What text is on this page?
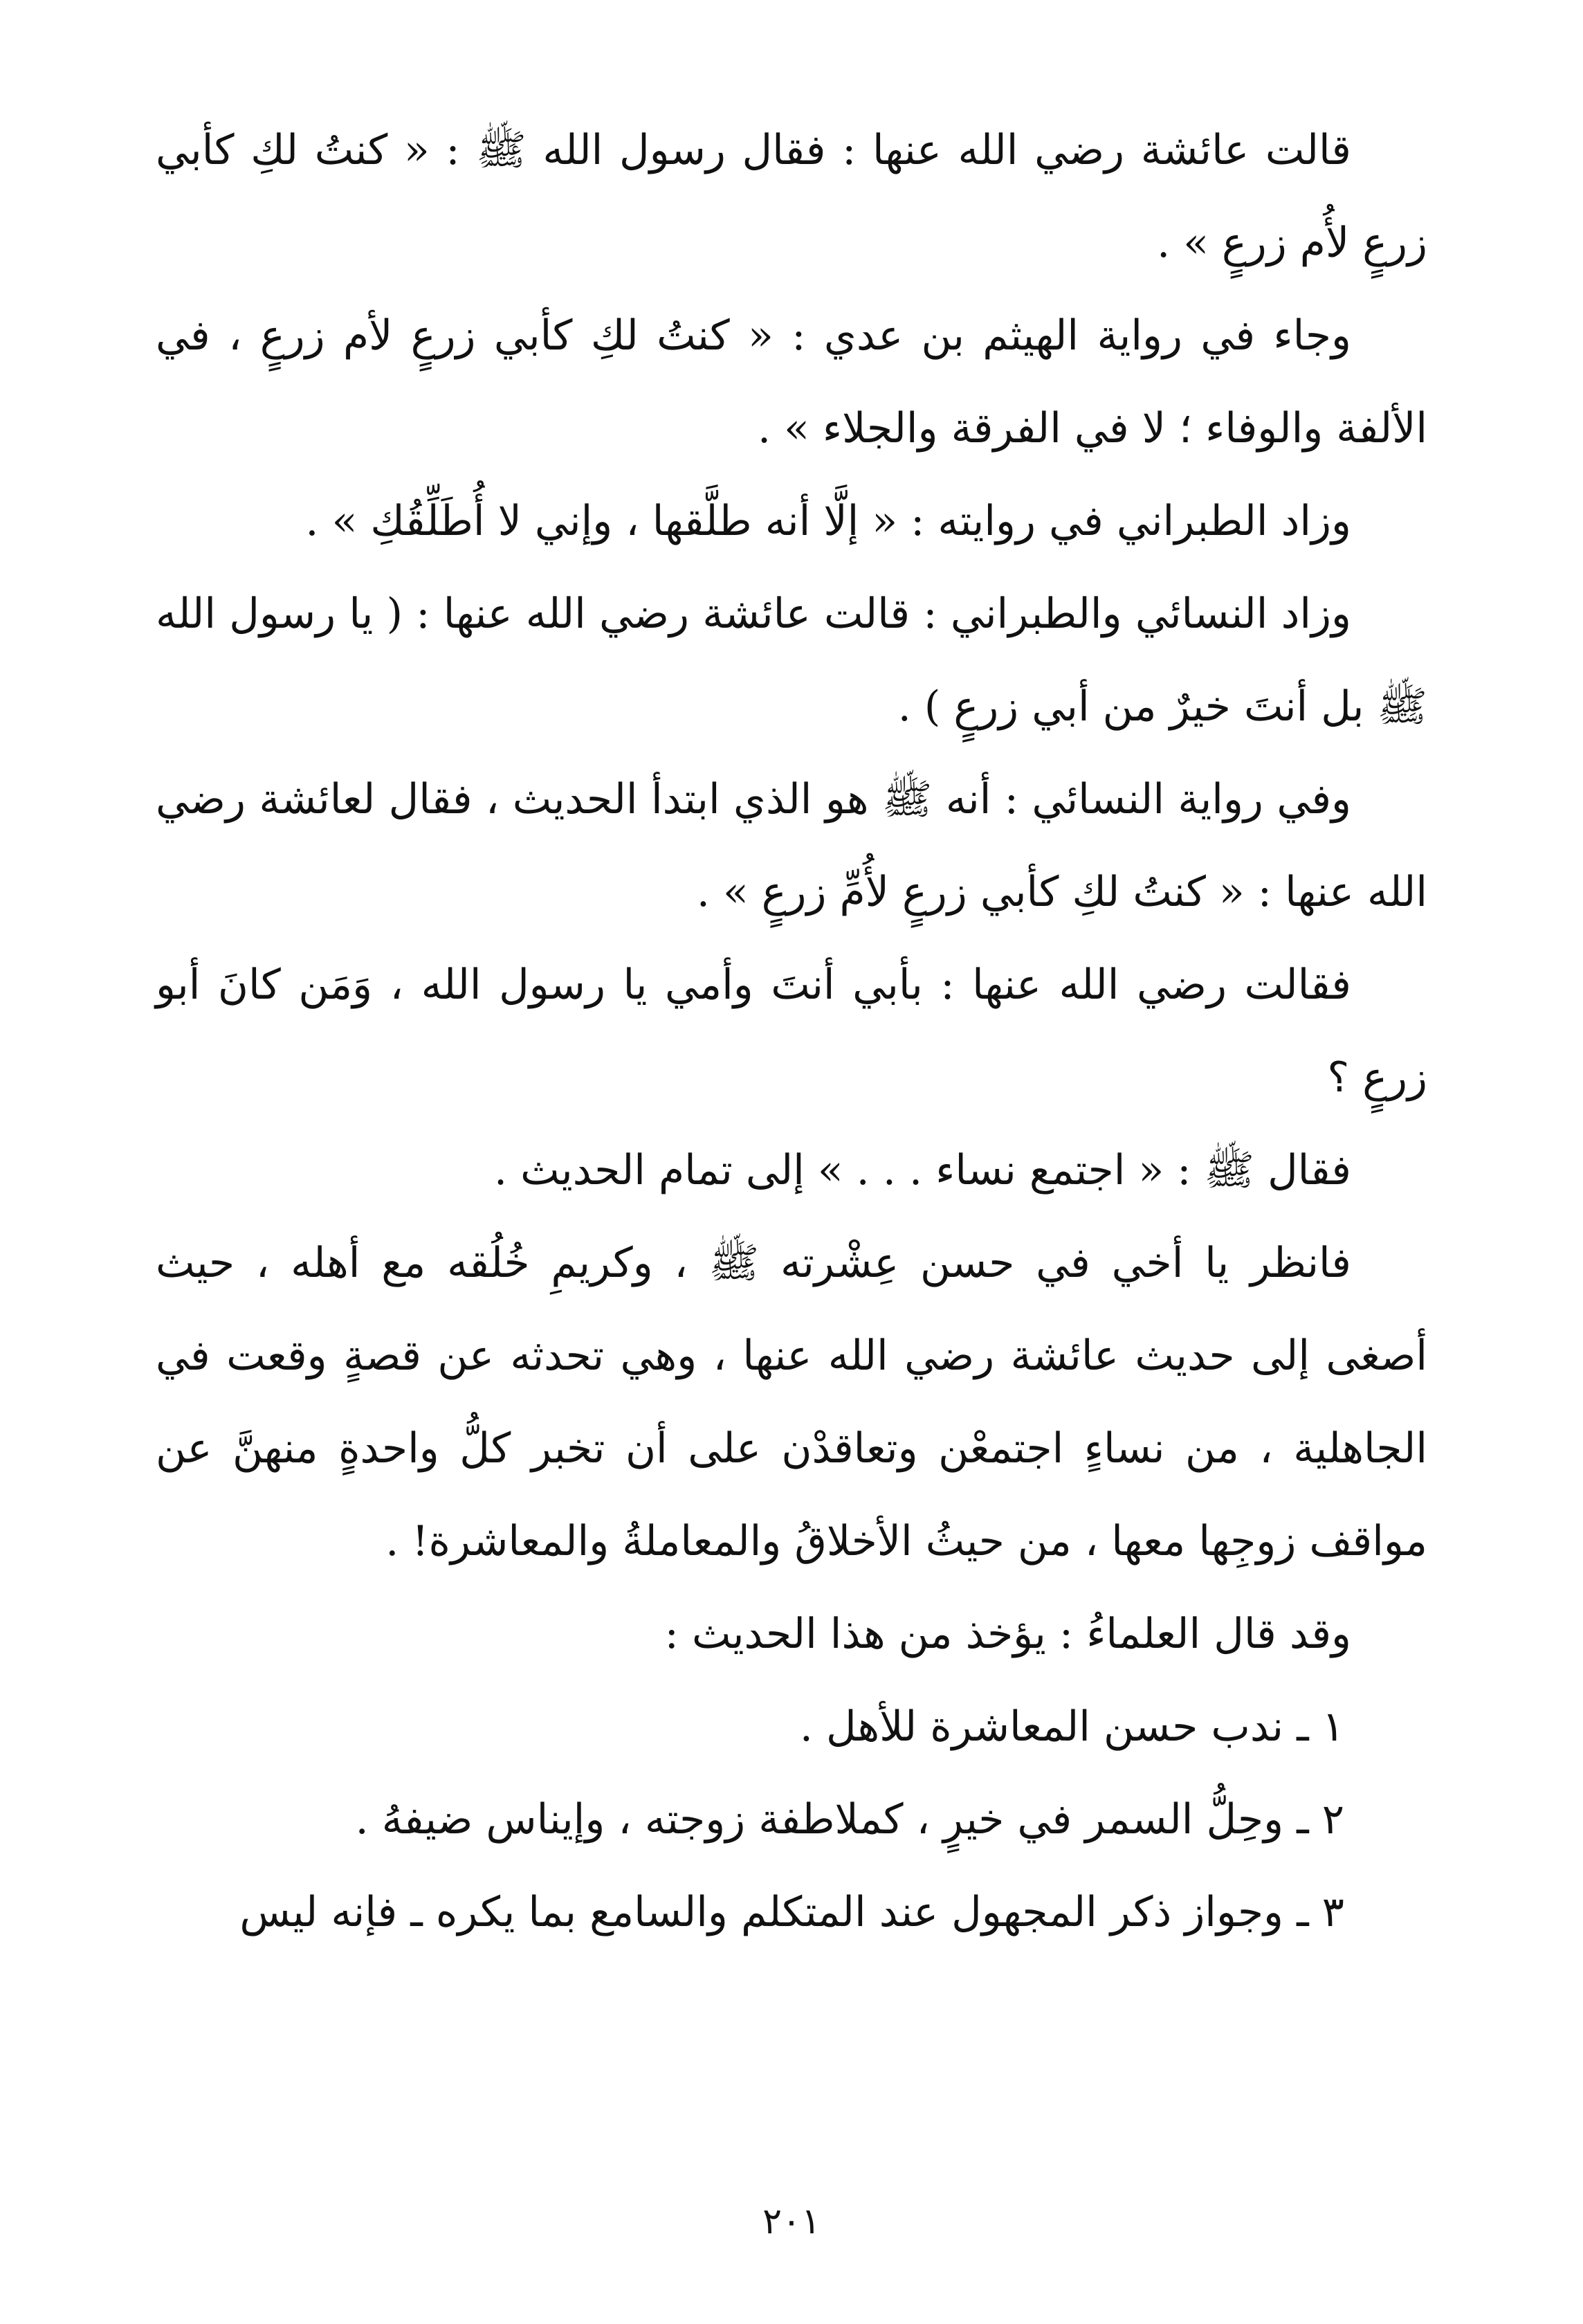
قالت عائشة رضي الله عنها : فقال رسول الله ﷺ : « كنتُ لكِ كأبي زرعٍ لأُم زرعٍ » .

وجاء في رواية الهيثم بن عدي : « كنتُ لكِ كأبي زرعٍ لأم زرعٍ ، في الألفة والوفاء ؛ لا في الفرقة والجلاء » .

وزاد الطبراني في روايته : « إلَّا أنه طلَّقها ، وإني لا أُطَلِّقُكِ » .

وزاد النسائي والطبراني : قالت عائشة رضي الله عنها : ( يا رسول الله ﷺ بل أنتَ خيرٌ من أبي زرعٍ ) .

وفي رواية النسائي : أنه ﷺ هو الذي ابتدأ الحديث ، فقال لعائشة رضي الله عنها : « كنتُ لكِ كأبي زرعٍ لأُمِّ زرعٍ » .

فقالت رضي الله عنها : بأبي أنتَ وأمي يا رسول الله ، وَمَن كانَ أبو زرعٍ ؟

فقال ﷺ : « اجتمع نساء . . . » إلى تمام الحديث .

فانظر يا أخي في حسن عِشْرته ﷺ ، وكريمِ خُلُقه مع أهله ، حيث أصغى إلى حديث عائشة رضي الله عنها ، وهي تحدثه عن قصةٍ وقعت في الجاهلية ، من نساءٍ اجتمعْن وتعاقدْن على أن تخبر كلُّ واحدةٍ منهنَّ عن مواقف زوجِها معها ، من حيثُ الأخلاقُ والمعاملةُ والمعاشرة! .

وقد قال العلماءُ : يؤخذ من هذا الحديث :

١ ـ ندب حسن المعاشرة للأهل .

٢ ـ وحِلُّ السمر في خيرٍ ، كملاطفة زوجته ، وإيناس ضيفهُ .

٣ ـ وجواز ذكر المجهول عند المتكلم والسامع بما يكره ـ فإنه ليس

٢٠١
